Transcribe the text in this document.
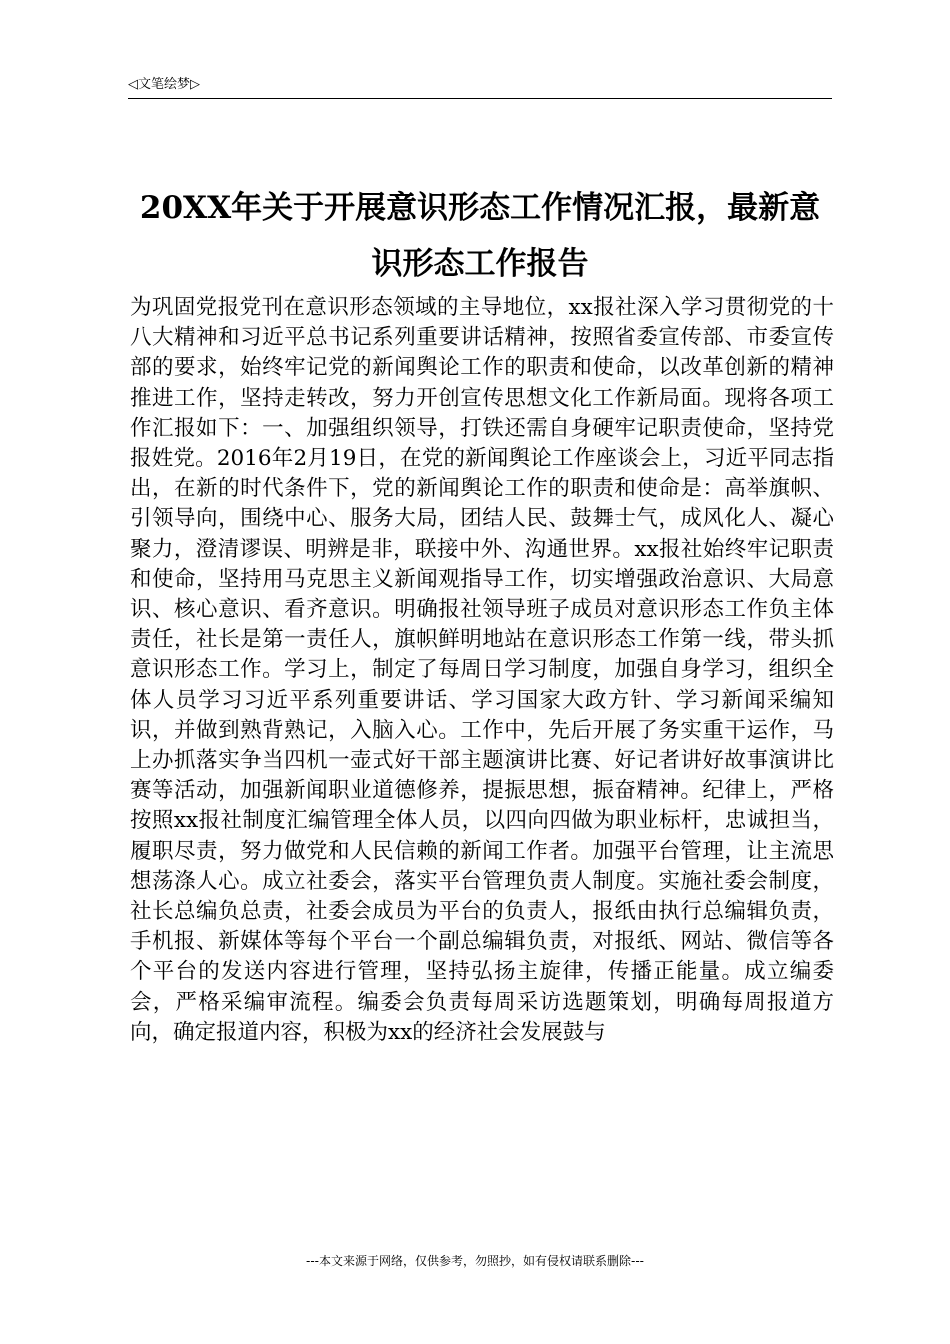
◁文笔绘梦▷
20XX年关于开展意识形态工作情况汇报，最新意识形态工作报告

为巩固党报党刊在意识形态领域的主导地位，xx报社深入学习贯彻党的十八大精神和习近平总书记系列重要讲话精神，按照省委宣传部、市委宣传部的要求，始终牢记党的新闻舆论工作的职责和使命，以改革创新的精神推进工作，坚持走转改，努力开创宣传思想文化工作新局面。现将各项工作汇报如下：一、加强组织领导，打铁还需自身硬牢记职责使命，坚持党报姓党。2016年2月19日，在党的新闻舆论工作座谈会上，习近平同志指出，在新的时代条件下，党的新闻舆论工作的职责和使命是：高举旗帜、引领导向，围绕中心、服务大局，团结人民、鼓舞士气，成风化人、凝心聚力，澄清谬误、明辨是非，联接中外、沟通世界。xx报社始终牢记职责和使命，坚持用马克思主义新闻观指导工作，切实增强政治意识、大局意识、核心意识、看齐意识。明确报社领导班子成员对意识形态工作负主体责任，社长是第一责任人，旗帜鲜明地站在意识形态工作第一线，带头抓意识形态工作。学习上，制定了每周日学习制度，加强自身学习，组织全体人员学习习近平系列重要讲话、学习国家大政方针、学习新闻采编知识，并做到熟背熟记，入脑入心。工作中，先后开展了务实重干运作，马上办抓落实争当四机一壶式好干部主题演讲比赛、好记者讲好故事演讲比赛等活动，加强新闻职业道德修养，提振思想，振奋精神。纪律上，严格按照xx报社制度汇编管理全体人员，以四向四做为职业标杆，忠诚担当，履职尽责，努力做党和人民信赖的新闻工作者。加强平台管理，让主流思想荡涤人心。成立社委会，落实平台管理负责人制度。实施社委会制度，社长总编负总责，社委会成员为平台的负责人，报纸由执行总编辑负责，手机报、新媒体等每个平台一个副总编辑负责，对报纸、网站、微信等各个平台的发送内容进行管理，坚持弘扬主旋律，传播正能量。成立编委会，严格采编审流程。编委会负责每周采访选题策划，明确每周报道方向，确定报道内容，积极为xx的经济社会发展鼓与

---本文来源于网络，仅供参考，勿照抄，如有侵权请联系删除---
